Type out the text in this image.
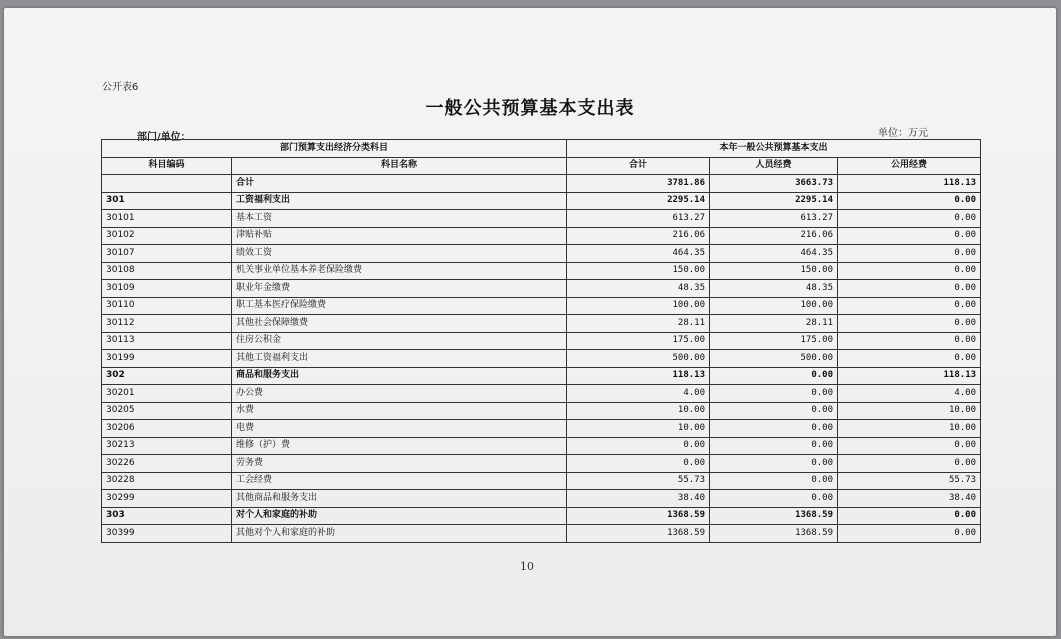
公开表6
一般公共预算基本支出表
部门/单位：	单位：万元
部门预算支出经济分类科目		本年一般公共预算基本支出		
科目编码	科目名称	合计	人员经费	公用经费
	合计	3781.86	3663.73	118.13
301	工资福利支出	2295.14	2295.14	0.00
30101	基本工资	613.27	613.27	0.00
30102	津贴补贴	216.06	216.06	0.00
30107	绩效工资	464.35	464.35	0.00
30108	机关事业单位基本养老保险缴费	150.00	150.00	0.00
30109	职业年金缴费	48.35	48.35	0.00
30110	职工基本医疗保险缴费	100.00	100.00	0.00
30112	其他社会保障缴费	28.11	28.11	0.00
30113	住房公积金	175.00	175.00	0.00
30199	其他工资福利支出	500.00	500.00	0.00
302	商品和服务支出	118.13	0.00	118.13
30201	办公费	4.00	0.00	4.00
30205	水费	10.00	0.00	10.00
30206	电费	10.00	0.00	10.00
30213	维修（护）费	0.00	0.00	0.00
30226	劳务费	0.00	0.00	0.00
30228	工会经费	55.73	0.00	55.73
30299	其他商品和服务支出	38.40	0.00	38.40
303	对个人和家庭的补助	1368.59	1368.59	0.00
30399	其他对个人和家庭的补助	1368.59	1368.59	0.00
10
